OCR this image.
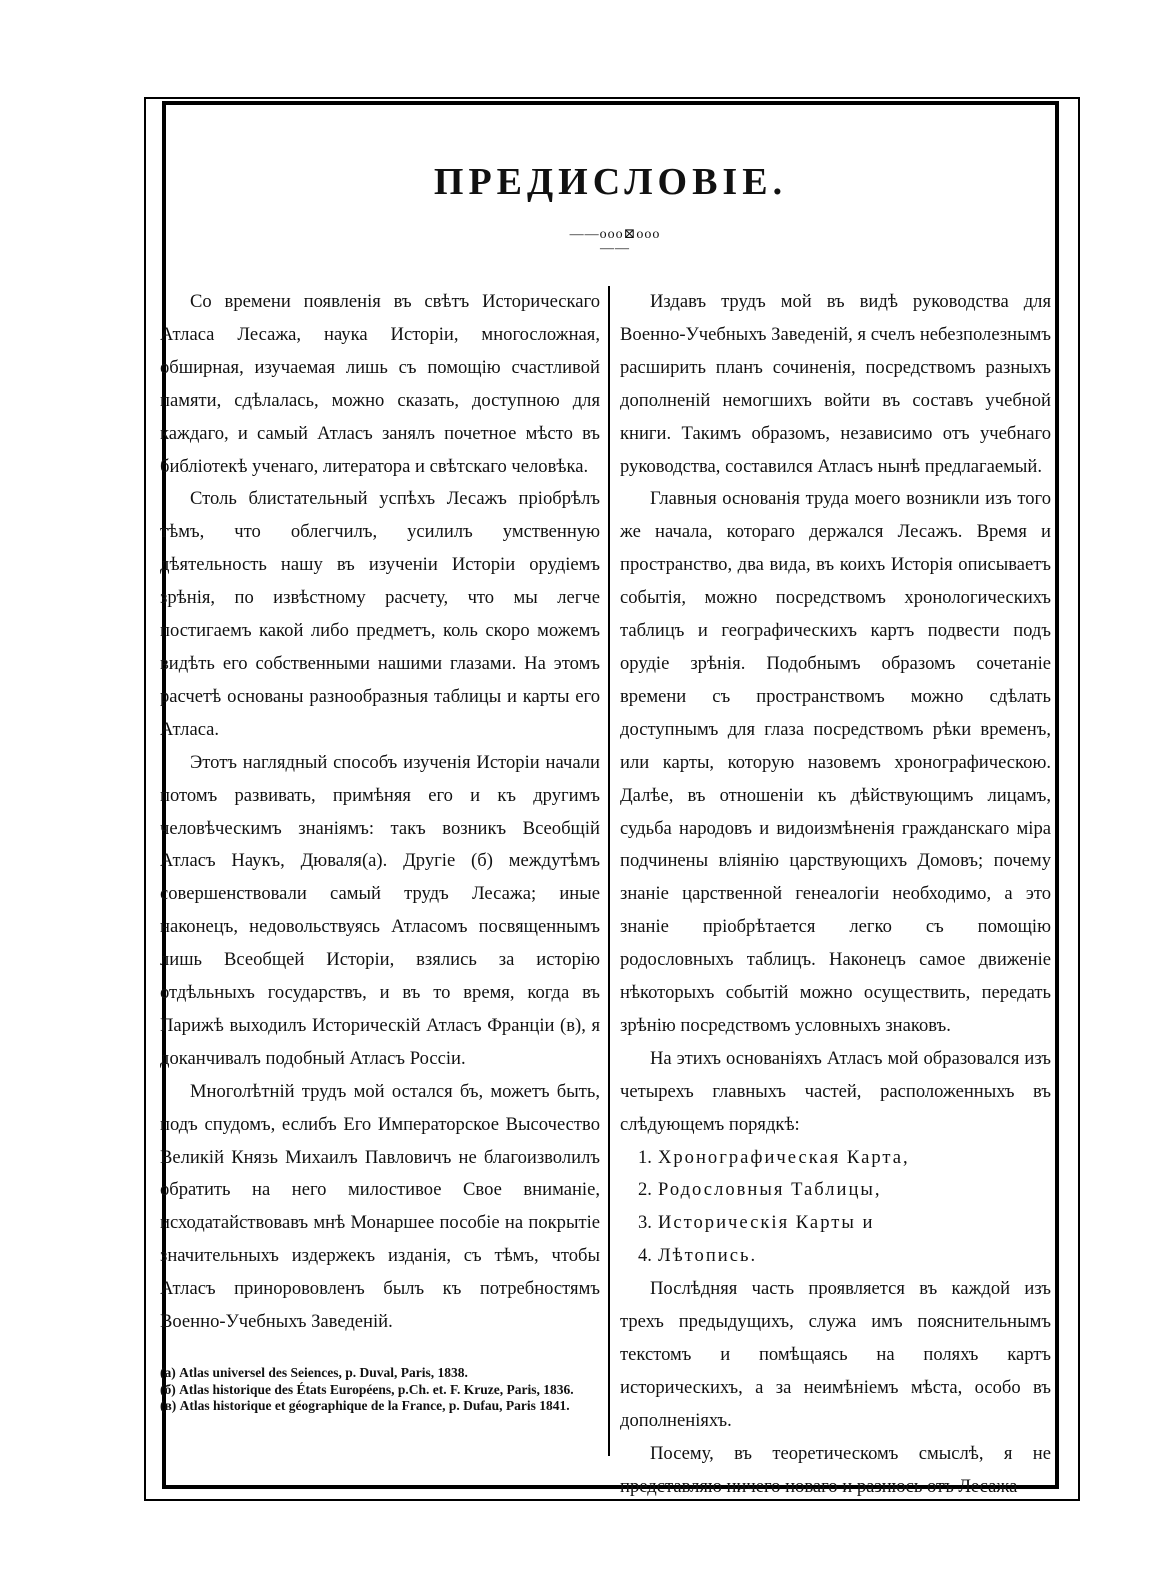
ПРЕДИСЛОВІЕ.
——ooo⊠ooo——

Со времени появленія въ свѣтъ Историческаго Атласа Лесажа, наука Исторіи, многосложная, обширная, изучаемая лишь съ помощію счастливой памяти, сдѣлалась, можно сказать, доступною для каждаго, и самый Атласъ занялъ почетное мѣсто въ библіотекѣ ученаго, литератора и свѣтскаго человѣка.

Столь блистательный успѣхъ Лесажъ пріобрѣлъ тѣмъ, что облегчилъ, усилилъ умственную дѣятельность нашу въ изученіи Исторіи орудіемъ зрѣнія, по извѣстному расчету, что мы легче постигаемъ какой либо предметъ, коль скоро можемъ видѣть его собственными нашими глазами. На этомъ расчетѣ основаны разнообразныя таблицы и карты его Атласа.

Этотъ наглядный способъ изученія Исторіи начали потомъ развивать, примѣняя его и къ другимъ человѣческимъ знаніямъ: такъ возникъ Всеобщій Атласъ Наукъ, Дюваля(а). Другіе (б) междутѣмъ совершенствовали самый трудъ Лесажа; иные наконецъ, недовольствуясь Атласомъ посвященнымъ лишь Всеобщей Исторіи, взялись за исторію отдѣльныхъ государствъ, и въ то время, когда въ Парижѣ выходилъ Историческій Атласъ Франціи (в), я доканчивалъ подобный Атласъ Россіи.

Многолѣтній трудъ мой остался бъ, можетъ быть, подъ спудомъ, еслибъ Его Императорское Высочество Великій Князь Михаилъ Павловичъ не благоизволилъ обратить на него милостивое Свое вниманіе, исходатайствовавъ мнѣ Монаршее пособіе на покрытіе значительныхъ издержекъ изданія, съ тѣмъ, чтобы Атласъ принорововленъ былъ къ потребностямъ Военно-Учебныхъ Заведеній.

(а) Atlas universel des Seiences, p. Duval, Paris, 1838.
(б) Atlas historique des États Européens, p.Ch. et. F. Kruze, Paris, 1836.
(в) Atlas historique et géographique de la France, p. Dufau, Paris 1841.

Издавъ трудъ мой въ видѣ руководства для Военно-Учебныхъ Заведеній, я счелъ небезполезнымъ расширить планъ сочиненія, посредствомъ разныхъ дополненій немогшихъ войти въ составъ учебной книги. Такимъ образомъ, независимо отъ учебнаго руководства, составился Атласъ нынѣ предлагаемый.

Главныя основанія труда моего возникли изъ того же начала, котораго держался Лесажъ. Время и пространство, два вида, въ коихъ Исторія описываетъ событія, можно посредствомъ хронологическихъ таблицъ и географическихъ картъ подвести подъ орудіе зрѣнія. Подобнымъ образомъ сочетаніе времени съ пространствомъ можно сдѣлать доступнымъ для глаза посредствомъ рѣки временъ, или карты, которую назовемъ хронографическою. Далѣе, въ отношеніи къ дѣйствующимъ лицамъ, судьба народовъ и видоизмѣненія гражданскаго міра подчинены вліянію царствующихъ Домовъ; почему знаніе царственной генеалогіи необходимо, а это знаніе пріобрѣтается легко съ помощію родословныхъ таблицъ. Наконецъ самое движеніе нѣкоторыхъ событій можно осуществить, передать зрѣнію посредствомъ условныхъ знаковъ.

На этихъ основаніяхъ Атласъ мой образовался изъ четырехъ главныхъ частей, расположенныхъ въ слѣдующемъ порядкѣ:

1. Хронографическая Карта,
2. Родословныя Таблицы,
3. Историческія Карты и
4. Лѣтопись.

Послѣдняя часть проявляется въ каждой изъ трехъ предыдущихъ, служа имъ пояснительнымъ текстомъ и помѣщаясь на поляхъ картъ историческихъ, а за неимѣніемъ мѣста, особо въ дополненіяхъ.

Посему, въ теоретическомъ смыслѣ, я не представляю ничего новаго и разнюсь отъ Лесажа
